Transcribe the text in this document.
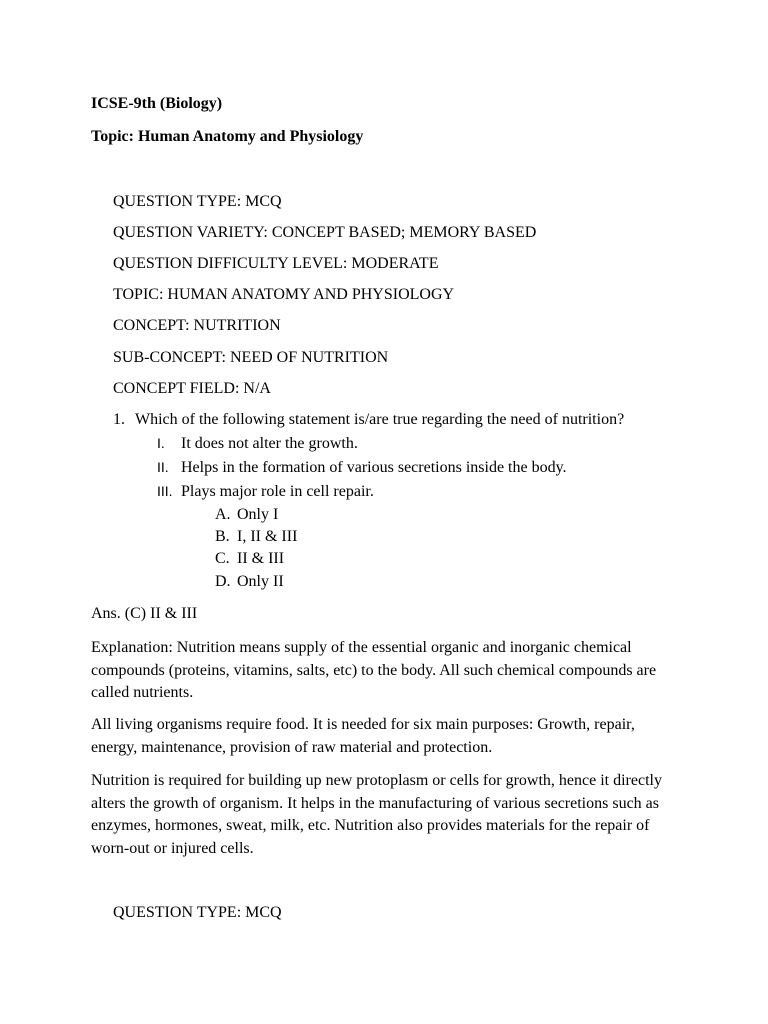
ICSE-9th (Biology)
Topic: Human Anatomy and Physiology
QUESTION TYPE: MCQ
QUESTION VARIETY: CONCEPT BASED; MEMORY BASED
QUESTION DIFFICULTY LEVEL: MODERATE
TOPIC: HUMAN ANATOMY AND PHYSIOLOGY
CONCEPT: NUTRITION
SUB-CONCEPT: NEED OF NUTRITION
CONCEPT FIELD: N/A
1. Which of the following statement is/are true regarding the need of nutrition?
I. It does not alter the growth.
II. Helps in the formation of various secretions inside the body.
III. Plays major role in cell repair.
A. Only I
B. I, II & III
C. II & III
D. Only II
Ans. (C) II & III
Explanation: Nutrition means supply of the essential organic and inorganic chemical compounds (proteins, vitamins, salts, etc) to the body. All such chemical compounds are called nutrients.
All living organisms require food. It is needed for six main purposes: Growth, repair, energy, maintenance, provision of raw material and protection.
Nutrition is required for building up new protoplasm or cells for growth, hence it directly alters the growth of organism. It helps in the manufacturing of various secretions such as enzymes, hormones, sweat, milk, etc. Nutrition also provides materials for the repair of worn-out or injured cells.
QUESTION TYPE: MCQ
